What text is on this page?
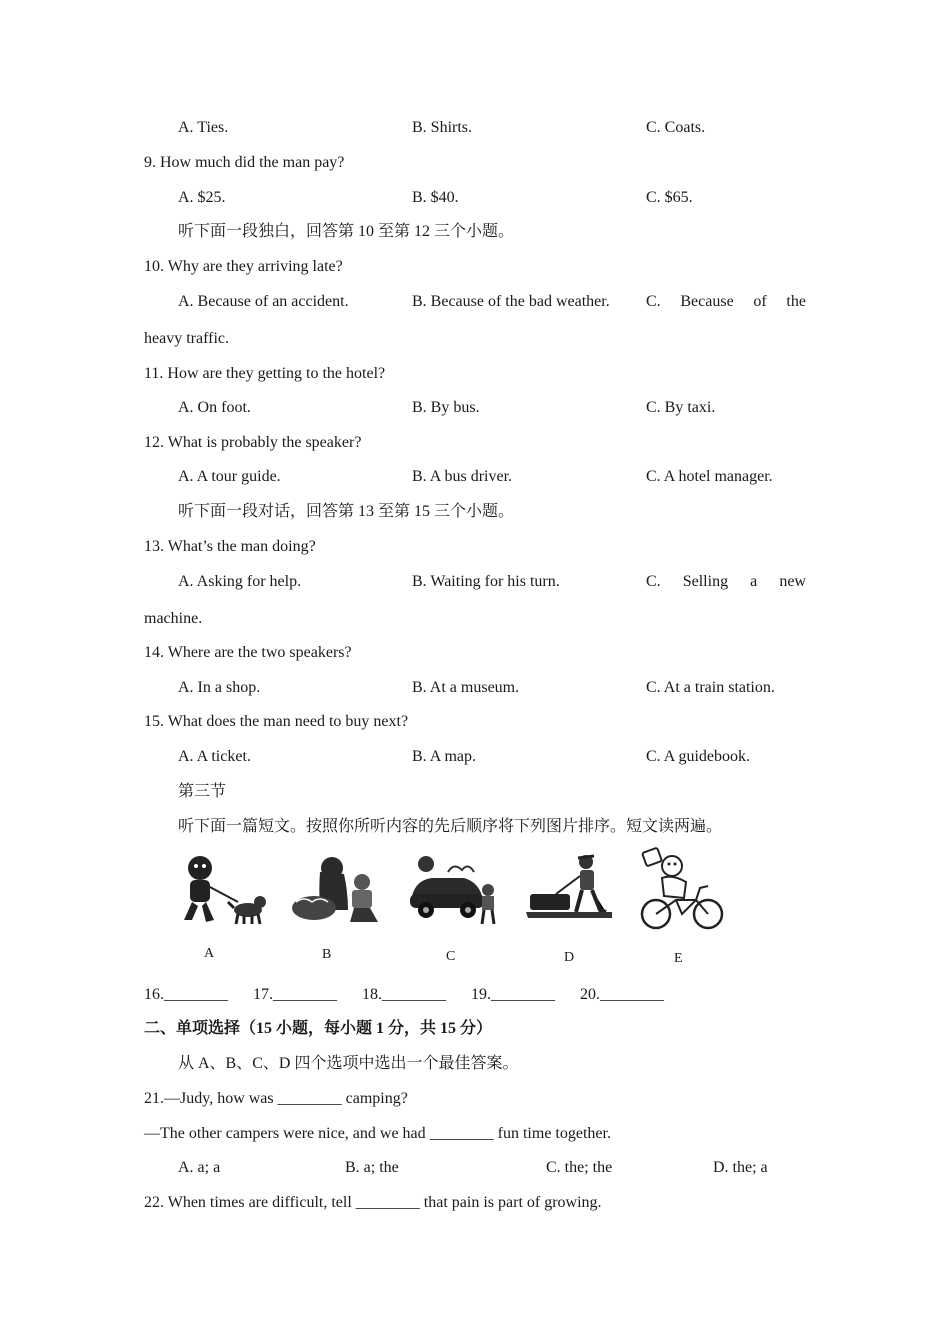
A. Ties.	B. Shirts.	C. Coats.
9. How much did the man pay?
A. $25.	B. $40.	C. $65.
听下面一段独白，回答第 10 至第 12 三个小题。
10. Why are they arriving late?
A. Because of an accident.	B. Because of the bad weather. C. Because of the
heavy traffic.
11. How are they getting to the hotel?
A. On foot.	B. By bus.	C. By taxi.
12. What is probably the speaker?
A. A tour guide.	B. A bus driver.	C. A hotel manager.
听下面一段对话，回答第 13 至第 15 三个小题。
13. What’s the man doing?
A. Asking for help.	B. Waiting for his turn.	C. Selling a new
machine.
14. Where are the two speakers?
A. In a shop.	B. At a museum.	C. At a train station.
15. What does the man need to buy next?
A. A ticket.	B. A map.	C. A guidebook.
第三节
听下面一篇短文。按照你所听内容的先后顺序将下列图片排序。短文读两遍。
A	B	C	D	E
16.________ 17.________ 18.________ 19.________ 20.________
二、单项选择（15 小题，每小题 1 分，共 15 分）
从 A、B、C、D 四个选项中选出一个最佳答案。
21.—Judy, how was ________ camping?
—The other campers were nice, and we had ________ fun time together.
A. a; a	B. a; the	C. the; the	D. the; a
22. When times are difficult, tell ________ that pain is part of growing.
